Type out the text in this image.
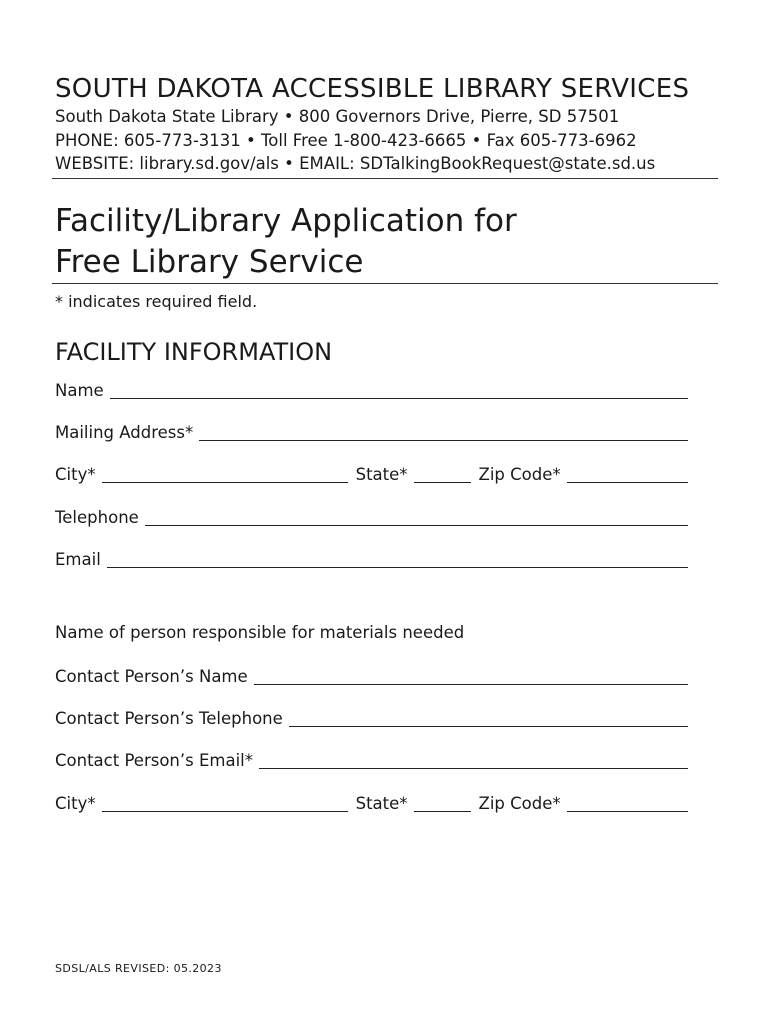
SOUTH DAKOTA ACCESSIBLE LIBRARY SERVICES
South Dakota State Library • 800 Governors Drive, Pierre, SD 57501
PHONE: 605-773-3131 • Toll Free 1-800-423-6665 • Fax 605-773-6962
WEBSITE: library.sd.gov/als • EMAIL: SDTalkingBookRequest@state.sd.us
Facility/Library Application for
Free Library Service
* indicates required field.
FACILITY INFORMATION
Name
Mailing Address*
City*	State*	Zip Code*
Telephone
Email
Name of person responsible for materials needed
Contact Person’s Name
Contact Person’s Telephone
Contact Person’s Email*
City*	State*	Zip Code*
SDSL/ALS REVISED: 05.2023
